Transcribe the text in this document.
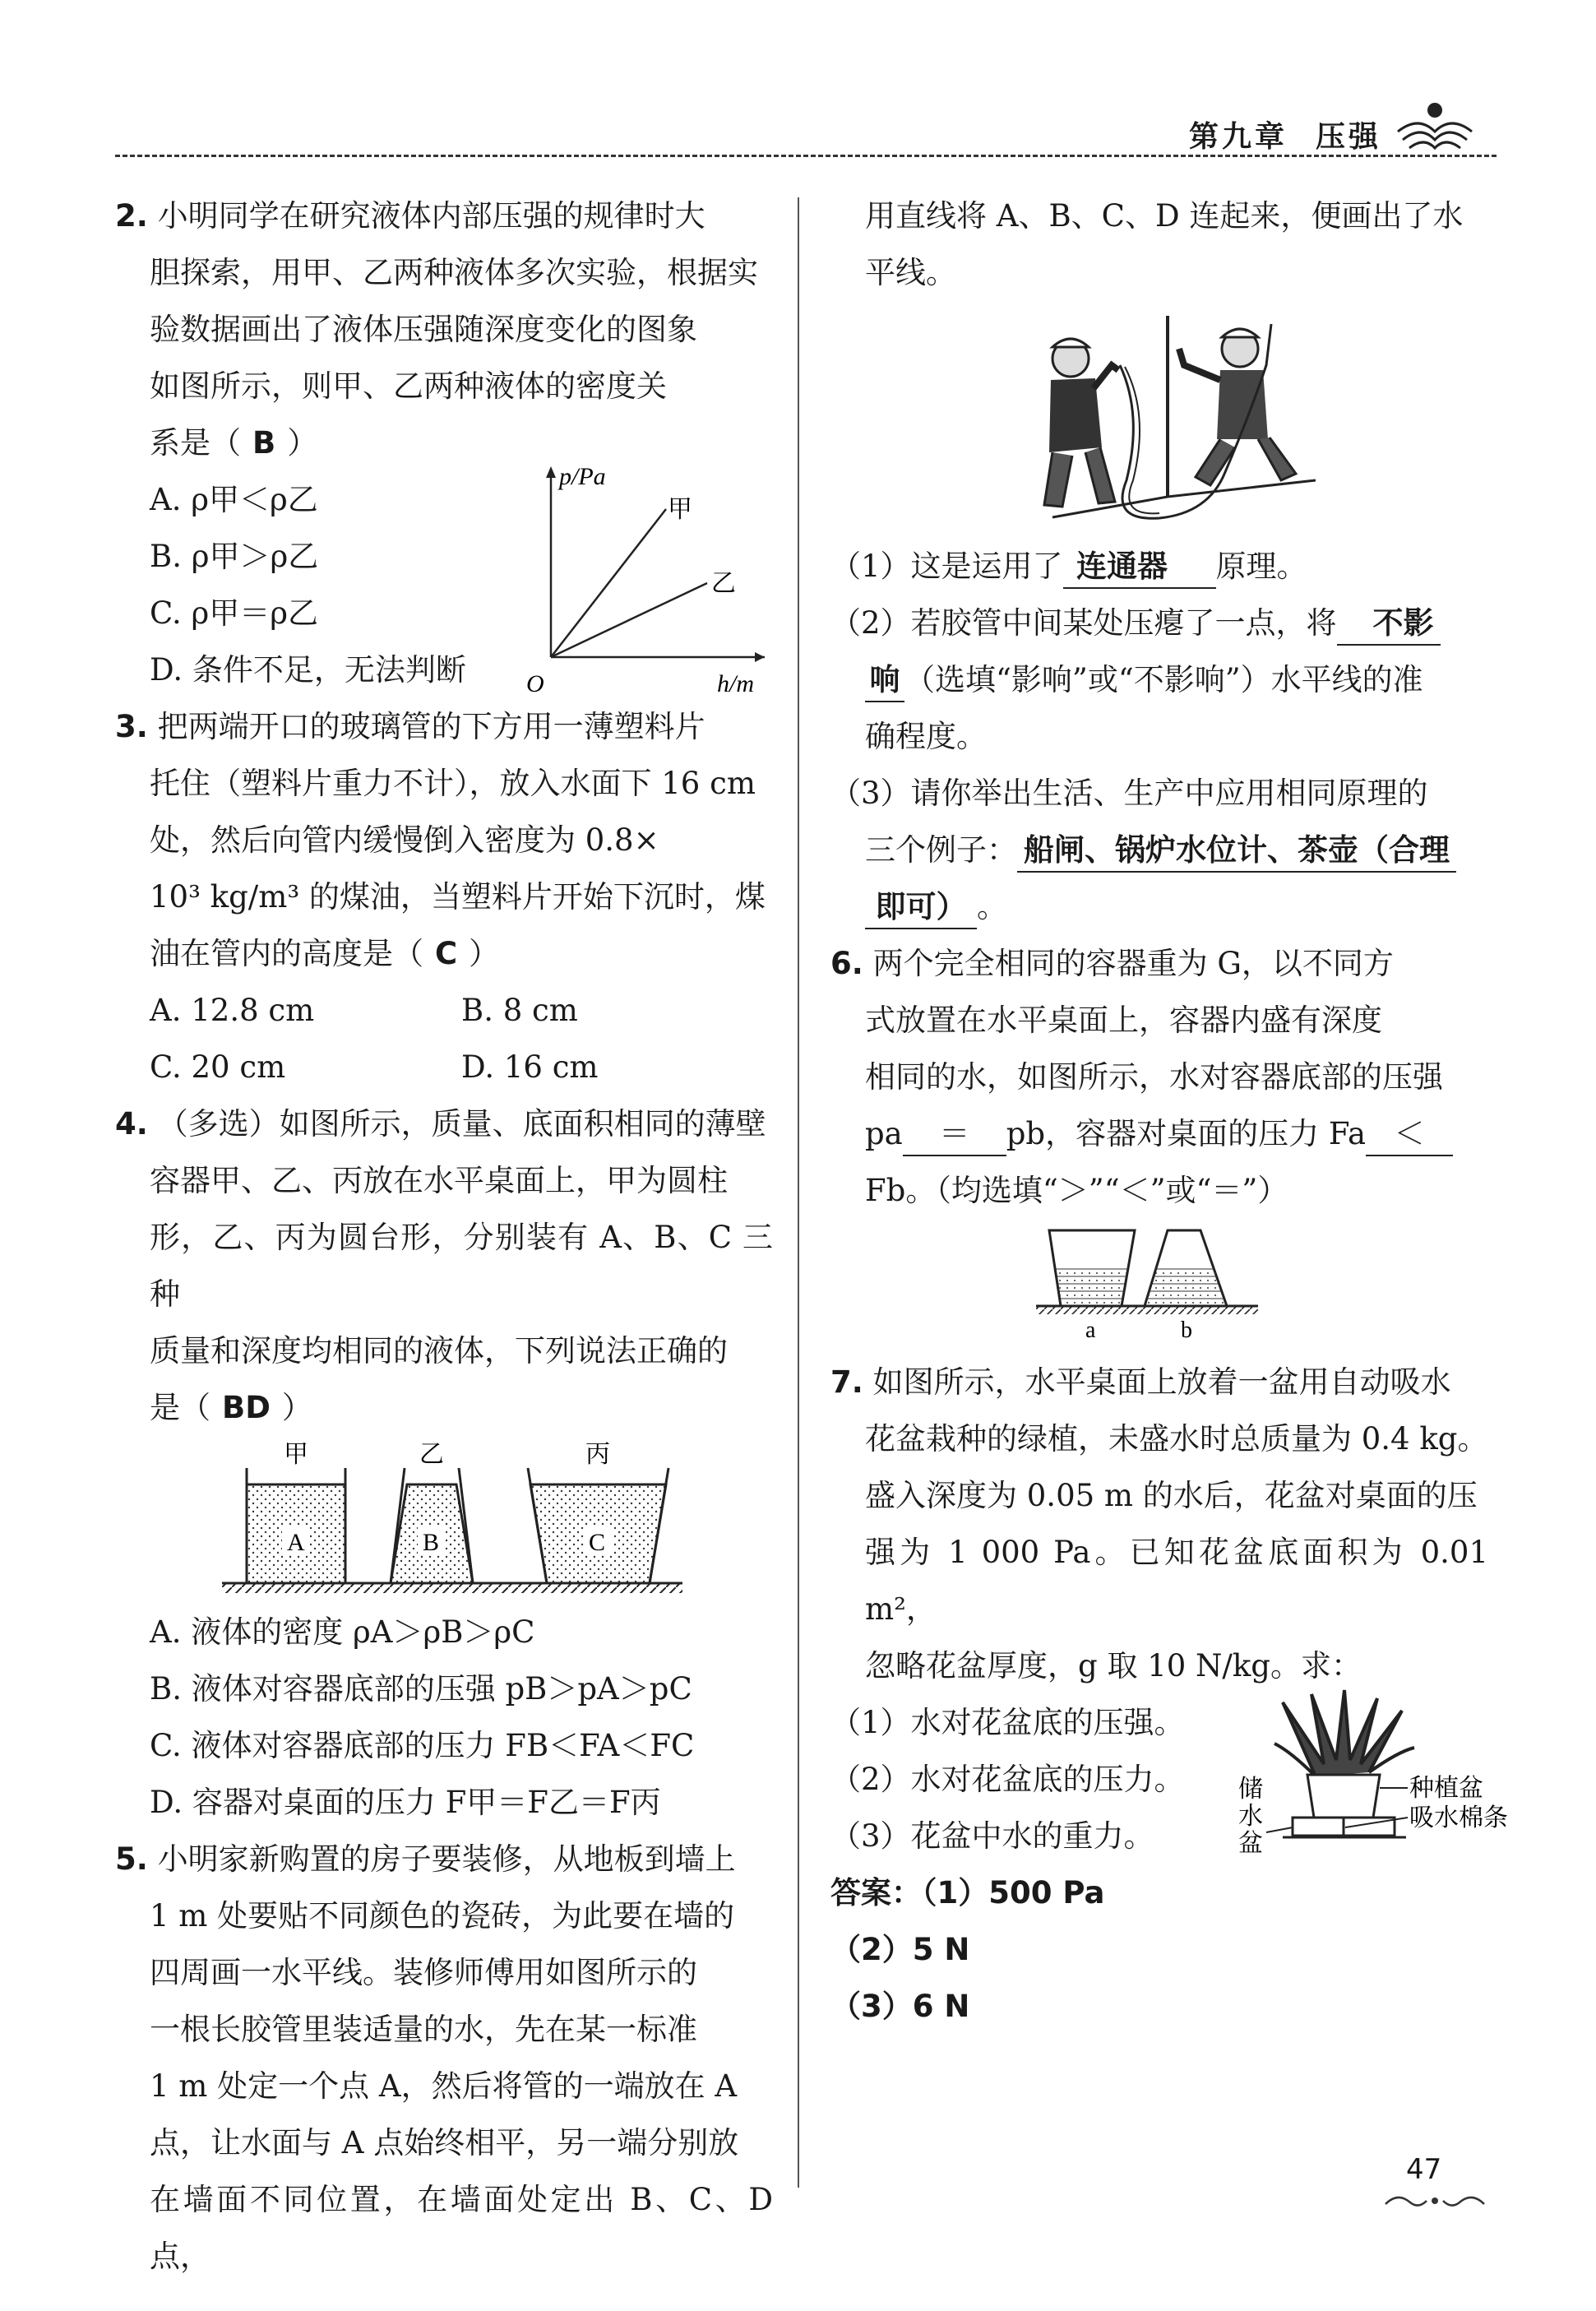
第九章 压强

2. 小明同学在研究液体内部压强的规律时大

胆探索，用甲、乙两种液体多次实验，根据实

验数据画出了液体压强随深度变化的图象

如图所示，则甲、乙两种液体的密度关

系是（ B ）

A. ρ甲＜ρ乙

B. ρ甲＞ρ乙

C. ρ甲＝ρ乙

D. 条件不足，无法判断

p/Pa
h/m
O
甲
乙

3. 把两端开口的玻璃管的下方用一薄塑料片

托住（塑料片重力不计），放入水面下 16 cm

处，然后向管内缓慢倒入密度为 0.8×

10³ kg/m³ 的煤油，当塑料片开始下沉时，煤

油在管内的高度是（ C ）

A. 12.8 cm	B. 8 cm
C. 20 cm	D. 16 cm

4. （多选）如图所示，质量、底面积相同的薄壁

容器甲、乙、丙放在水平桌面上，甲为圆柱

形，乙、丙为圆台形，分别装有 A、B、C 三种

质量和深度均相同的液体，下列说法正确的

是（ BD ）

甲	乙	丙
A	B	C

A. 液体的密度 ρA＞ρB＞ρC

B. 液体对容器底部的压强 pB＞pA＞pC

C. 液体对容器底部的压力 FB＜FA＜FC

D. 容器对桌面的压力 F甲＝F乙＝F丙

5. 小明家新购置的房子要装修，从地板到墙上

1 m 处要贴不同颜色的瓷砖，为此要在墙的

四周画一水平线。装修师傅用如图所示的

一根长胶管里装适量的水，先在某一标准

1 m 处定一个点 A，然后将管的一端放在 A

点，让水面与 A 点始终相平，另一端分别放

在墙面不同位置，在墙面处定出 B、C、D 点，

用直线将 A、B、C、D 连起来，便画出了水

平线。

（1）这是运用了 连通器 原理。

（2）若胶管中间某处压瘪了一点，将 不影

响 （选填“影响”或“不影响”）水平线的准

确程度。

（3）请你举出生活、生产中应用相同原理的

三个例子： 船闸、锅炉水位计、茶壶（合理

即可） 。

6. 两个完全相同的容器重为 G，以不同方

式放置在水平桌面上，容器内盛有深度

相同的水，如图所示，水对容器底部的压强

pa ＝ pb，容器对桌面的压力 Fa ＜

Fb。（均选填“＞”“＜”或“＝”）

a	b

7. 如图所示，水平桌面上放着一盆用自动吸水

花盆栽种的绿植，未盛水时总质量为 0.4 kg。

盛入深度为 0.05 m 的水后，花盆对桌面的压

强为 1 000 Pa。已知花盆底面积为 0.01 m²，

忽略花盆厚度，g 取 10 N/kg。求：

（1）水对花盆底的压强。

（2）水对花盆底的压力。

（3）花盆中水的重力。

储
水
盆
种植盆
吸水棉条

答案：（1）500 Pa

（2）5 N

（3）6 N

47
